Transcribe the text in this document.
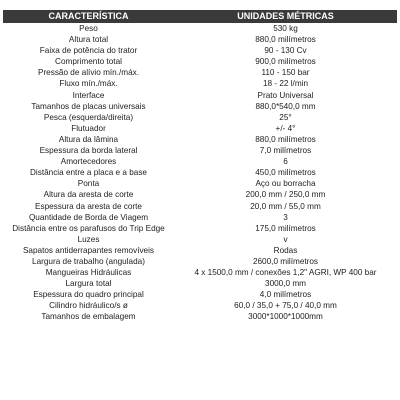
CARACTERÍSTICA	UNIDADES MÉTRICAS
Peso	530 kg
Altura total	880,0 milímetros
Faixa de potência do trator	90 - 130 Cv
Comprimento total	900,0 milímetros
Pressão de alívio mín./máx.	110 - 150 bar
Fluxo mín./máx.	18 - 22 l/min
Interface	Prato Universal
Tamanhos de placas universais	880,0*540,0 mm
Pesca (esquerda/direita)	25°
Flutuador	+/- 4°
Altura da lâmina	880,0 milímetros
Espessura da borda lateral	7,0 milímetros
Amortecedores	6
Distância entre a placa e a base	450,0 milímetros
Ponta	Aço ou borracha
Altura da aresta de corte	200,0 mm / 250,0 mm
Espessura da aresta de corte	20,0 mm / 55,0 mm
Quantidade de Borda de Viagem	3
Distância entre os parafusos do Trip Edge	175,0 milímetros
Luzes	v
Sapatos antiderrapantes removíveis	Rodas
Largura de trabalho (angulada)	2600,0 milímetros
Mangueiras Hidráulicas	4 x 1500,0 mm / conexões 1,2" AGRI, WP 400 bar
Largura total	3000,0 mm
Espessura do quadro principal	4,0 milímetros
Cilindro hidráulico/s ø	60,0 / 35,0 + 75,0 / 40,0 mm
Tamanhos de embalagem	3000*1000*1000mm
